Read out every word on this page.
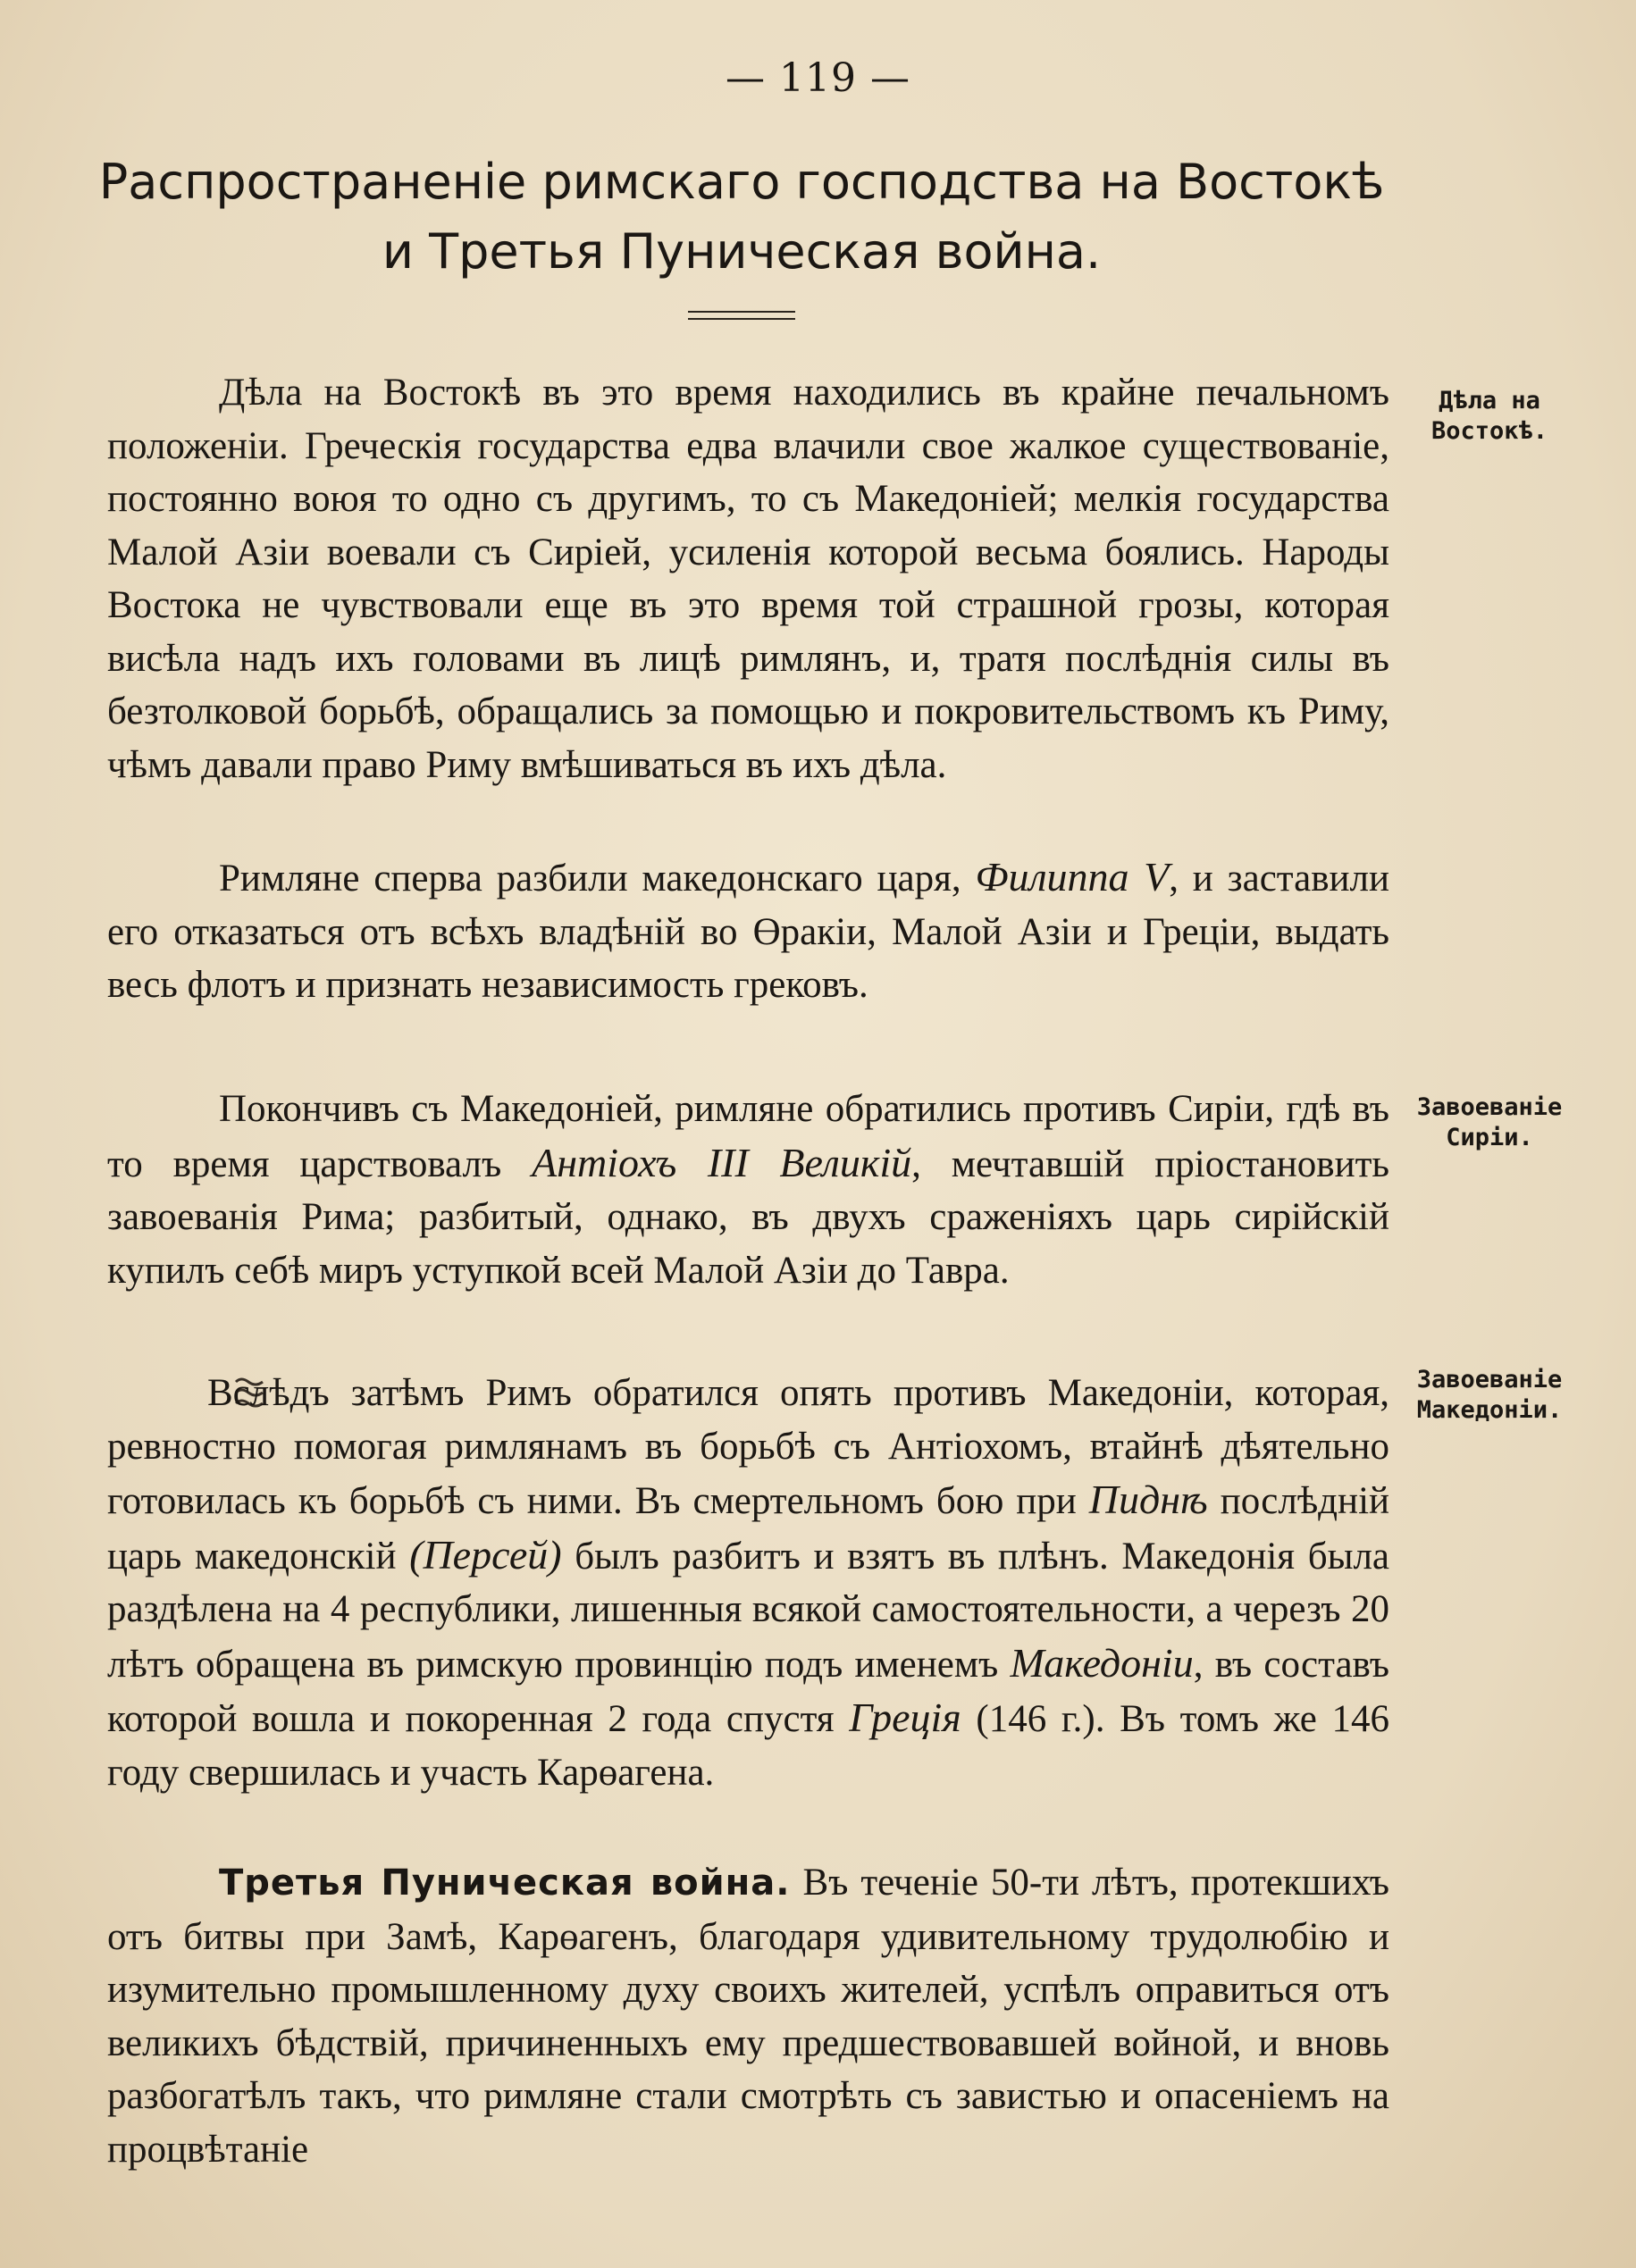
— 119 —
Распространенiе римскаго господства на Востокѣ
и Третья Пуническая война.
Дѣла на
Востокѣ.
Завоеванiе
Сирiи.
Завоеванiе
Македонiи.

Дѣла на Востокѣ въ это время находились въ крайне печальномъ положенiи. Греческiя государства едва влачили свое жалкое существованiе, постоянно воюя то одно съ другимъ, то съ Македонiей; мелкiя государства Малой Азiи воевали съ Сирiей, усиленiя которой весьма боялись. Народы Востока не чувствовали еще въ это время той страшной грозы, которая висѣла надъ ихъ головами въ лицѣ римлянъ, и, тратя послѣднiя силы въ безтолковой борьбѣ, обращались за помощью и покровительствомъ къ Риму, чѣмъ давали право Риму вмѣшиваться въ ихъ дѣла.

Римляне сперва разбили македонскаго царя, Филиппа V, и заставили его отказаться отъ всѣхъ владѣнiй во Өракiи, Малой Азiи и Грецiи, выдать весь флотъ и признать независимость грековъ.

Покончивъ съ Македонiей, римляне обратились противъ Сирiи, гдѣ въ то время царствовалъ Антiохъ III Великiй, мечтавшiй прiостановить завоеванiя Рима; разбитый, однако, въ двухъ сраженiяхъ царь сирiйскiй купилъ себѣ миръ уступкой всей Малой Азiи до Тавра.

Вслѣдъ затѣмъ Римъ обратился опять противъ Македонiи, которая, ревностно помогая римлянамъ въ борьбѣ съ Антiохомъ, втайнѣ дѣятельно готовилась къ борьбѣ съ ними. Въ смертельномъ бою при Пиднѣ послѣднiй царь македонскiй (Персей) былъ разбитъ и взятъ въ плѣнъ. Македонiя была раздѣлена на 4 республики, лишенныя всякой самостоятельности, а черезъ 20 лѣтъ обращена въ римскую провинцiю подъ именемъ Македонiи, въ составъ которой вошла и покоренная 2 года спустя Грецiя (146 г.). Въ томъ же 146 году свершилась и участь Карөагена.

Третья Пуническая война. Въ теченiе 50-ти лѣтъ, протекшихъ отъ битвы при Замѣ, Карөагенъ, благодаря удивительному трудолюбiю и изумительно промышленному духу своихъ жителей, успѣлъ оправиться отъ великихъ бѣдствiй, причиненныхъ ему предшествовавшей войной, и вновь разбогатѣлъ такъ, что римляне стали смотрѣть съ завистью и опасенiемъ на процвѣтанiе
